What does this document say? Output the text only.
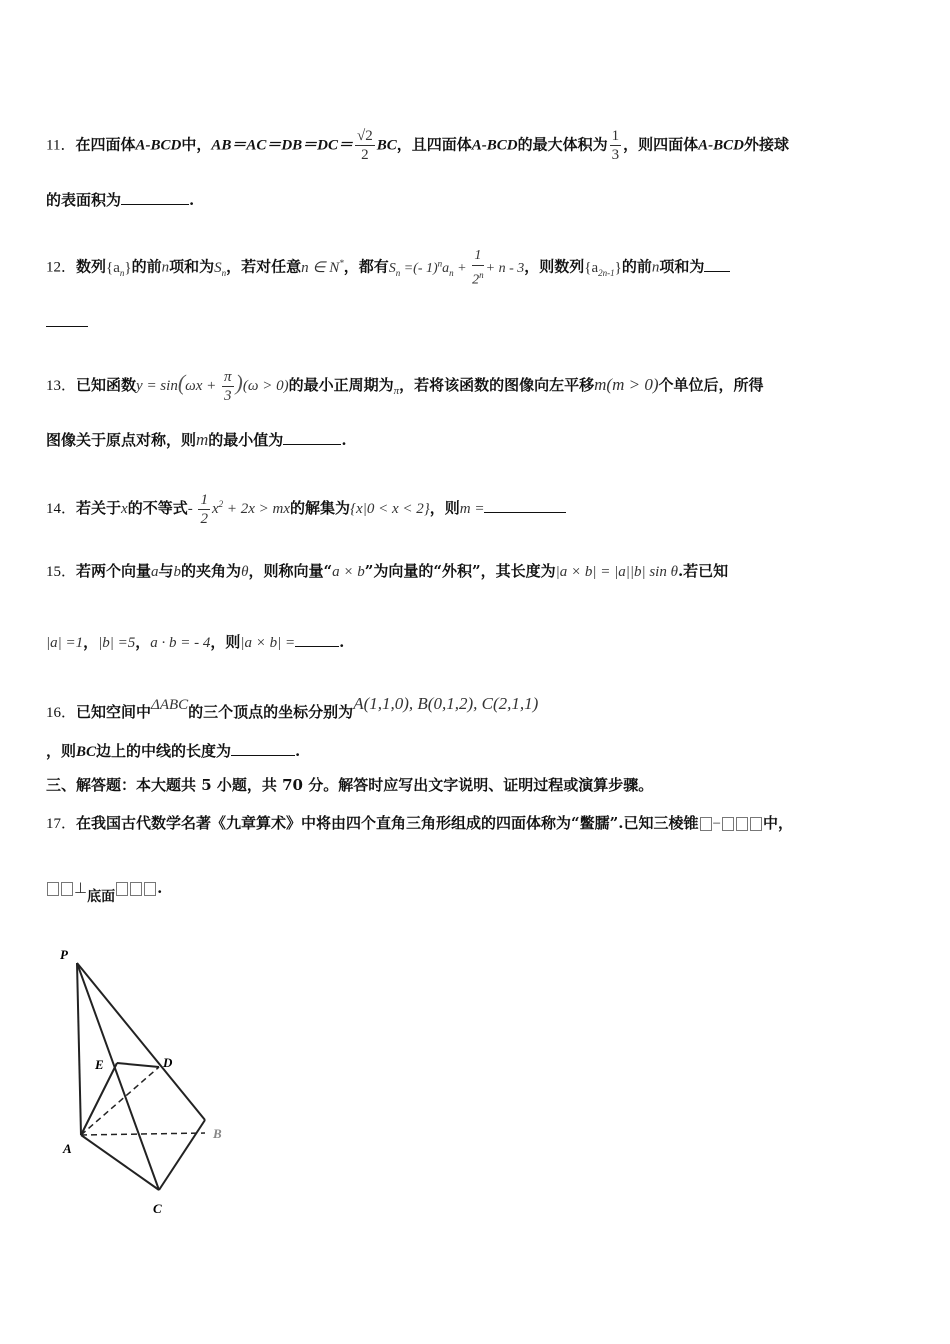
11．在四面体A-BCD中，$AB=AC=DB=DC= \frac{√2}{2}$ BC，且四面体A-BCD的最大体积为 $\frac{1}{3}$ ，则四面体A-BCD外接球
的表面积为	.
12．数列$\{a_n\}$的前n项和为$S_n$，若对任意n ∈ N*，都有$S_n$ =(- $1)^na_n + \frac{1}{2^n} + n - 3$，则数列$\{a_{2n-1}\}$的前n项和为
13．已知函数$y = \sin(\omega x + \frac{\pi}{3} )(\omega > 0)$的最小正周期为$_\pi$，若将该函数的图像向左平移m(m > 0)个单位后，所得
图像关于原点对称，则m的最小值为	.
14．若关于x的不等式- $\frac{1}{2} x^2 + 2x$ > mx的解集为{x|0 < x < 2}，则m =
15．若两个向量a与b的夹角为θ，则称向量“a × b”为向量的“外积”，其长度为|a × b| = |a||b| sin θ.若已知
|a| =1，|b| =5，a · b = - 4，则|a × b| =	.
16．已知空间中ΔABC的三个顶点的坐标分别为A(1,1,0), B(0,1,2), C(2,1,1)
，则BC边上的中线的长度为	.
三、解答题：本大题共 5 小题，共 70 分。解答时应写出文字说明、证明过程或演算步骤。
17．在我国古代数学名著《九章算术》中将由四个直角三角形组成的四面体称为“鳖臑”.已知三棱锥 −	中，
⊥底面	.
P
E	D
A
B
C
